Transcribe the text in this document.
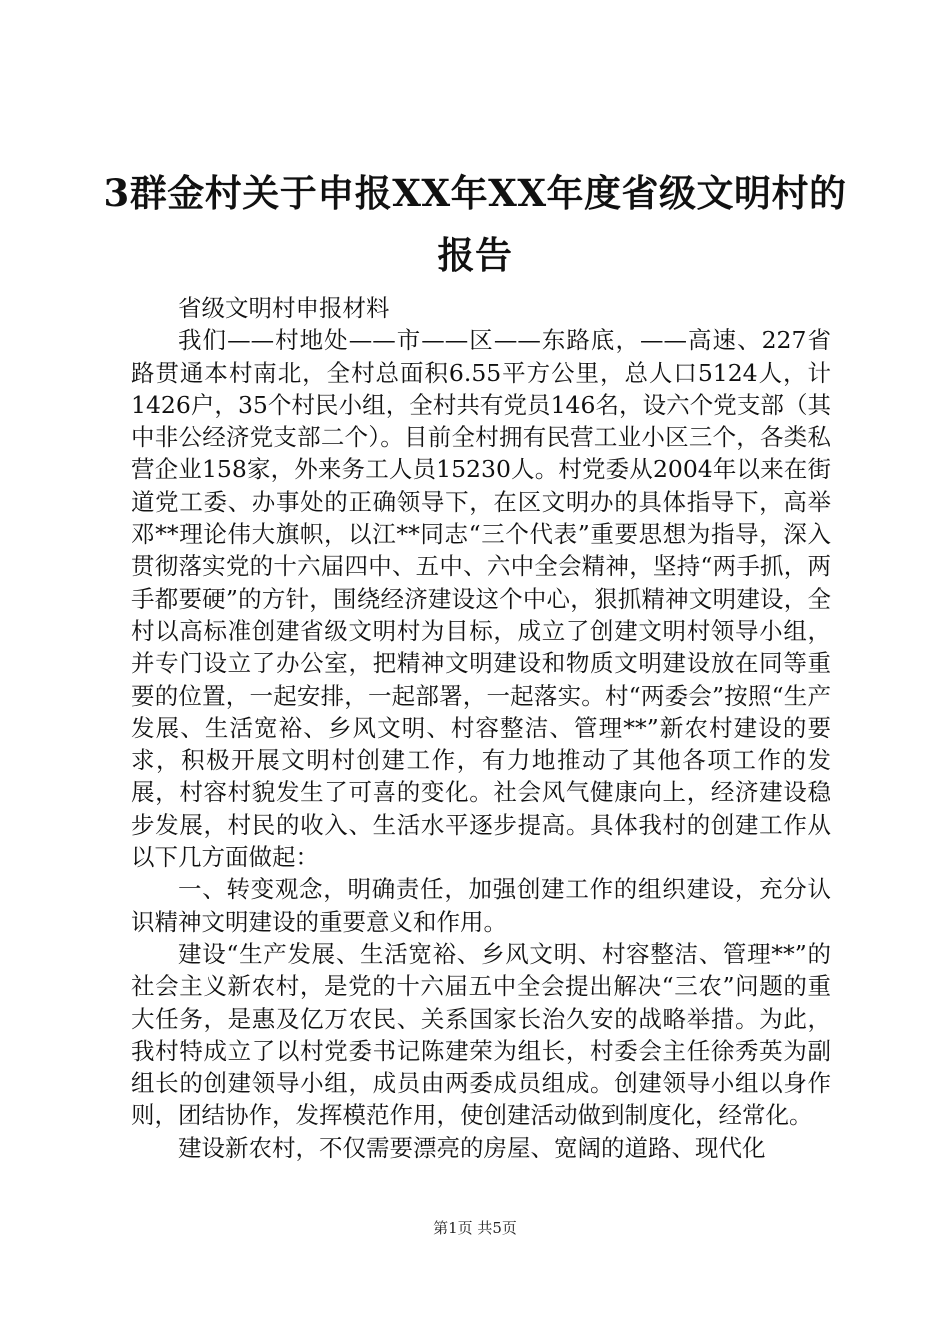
3群金村关于申报XX年XX年度省级文明村的报告

省级文明村申报材料

我们——村地处——市——区——东路底，——高速、227省路贯通本村南北，全村总面积6.55平方公里，总人口5124人，计1426户，35个村民小组，全村共有党员146名，设六个党支部（其中非公经济党支部二个）。目前全村拥有民营工业小区三个，各类私营企业158家，外来务工人员15230人。村党委从2004年以来在街道党工委、办事处的正确领导下，在区文明办的具体指导下，高举邓**理论伟大旗帜，以江**同志“三个代表”重要思想为指导，深入贯彻落实党的十六届四中、五中、六中全会精神，坚持“两手抓，两手都要硬”的方针，围绕经济建设这个中心，狠抓精神文明建设，全村以高标准创建省级文明村为目标，成立了创建文明村领导小组，并专门设立了办公室，把精神文明建设和物质文明建设放在同等重要的位置，一起安排，一起部署，一起落实。村“两委会”按照“生产发展、生活宽裕、乡风文明、村容整洁、管理**”新农村建设的要求，积极开展文明村创建工作，有力地推动了其他各项工作的发展，村容村貌发生了可喜的变化。社会风气健康向上，经济建设稳步发展，村民的收入、生活水平逐步提高。具体我村的创建工作从以下几方面做起：

一、转变观念，明确责任，加强创建工作的组织建设，充分认识精神文明建设的重要意义和作用。

建设“生产发展、生活宽裕、乡风文明、村容整洁、管理**”的社会主义新农村，是党的十六届五中全会提出解决“三农”问题的重大任务，是惠及亿万农民、关系国家长治久安的战略举措。为此，我村特成立了以村党委书记陈建荣为组长，村委会主任徐秀英为副组长的创建领导小组，成员由两委成员组成。创建领导小组以身作则，团结协作，发挥模范作用，使创建活动做到制度化，经常化。

建设新农村，不仅需要漂亮的房屋、宽阔的道路、现代化

第1页 共5页
